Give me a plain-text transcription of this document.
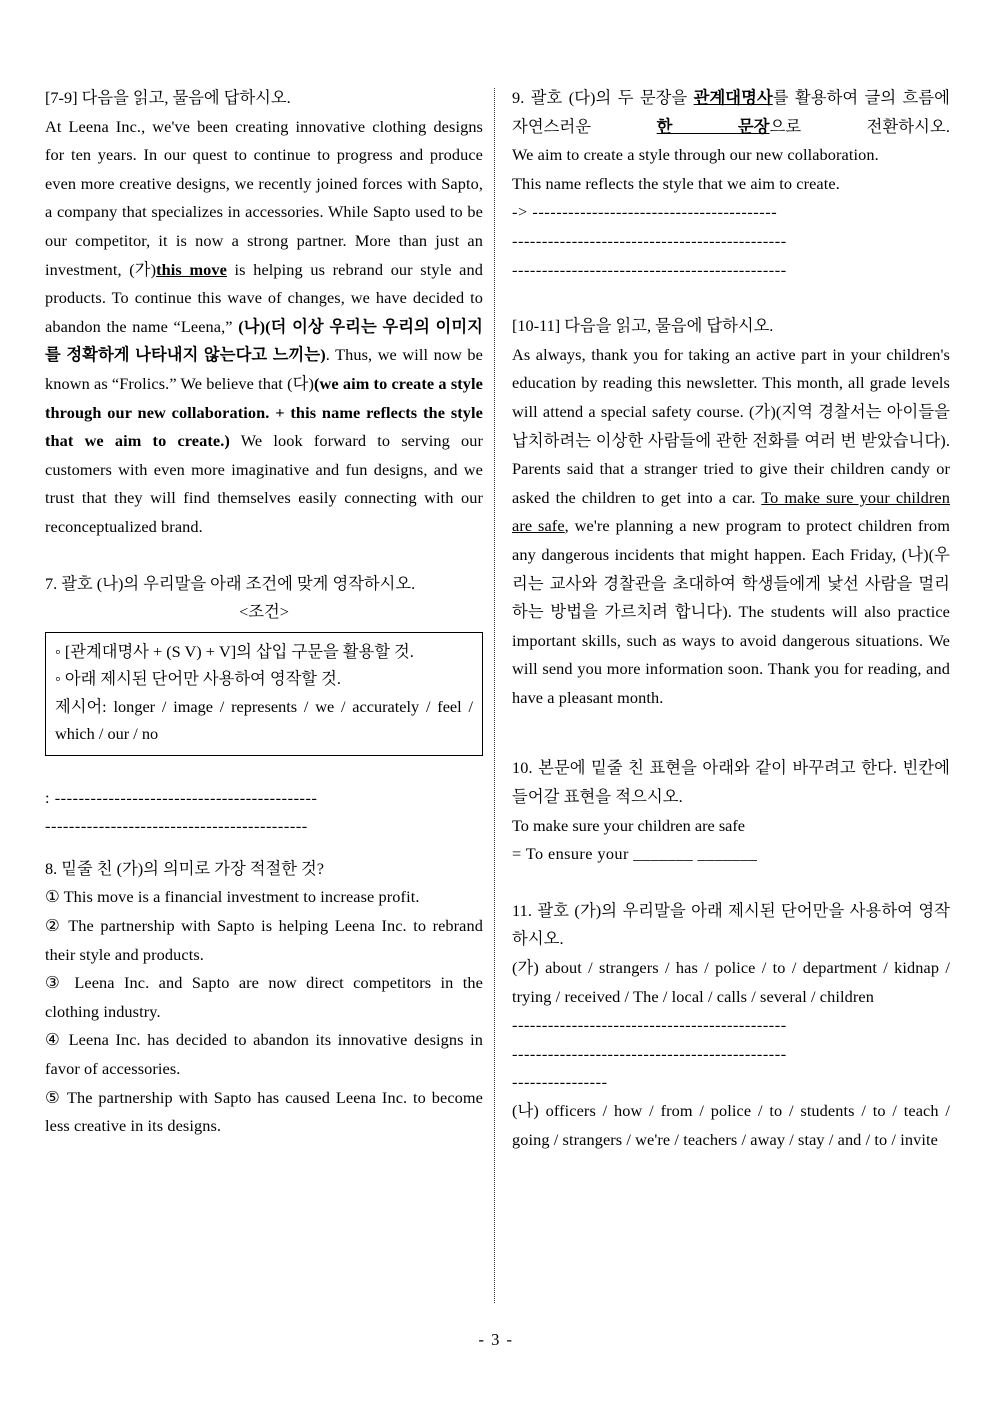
[7-9] 다음을 읽고, 물음에 답하시오.

At Leena Inc., we've been creating innovative clothing designs for ten years. In our quest to continue to progress and produce even more creative designs, we recently joined forces with Sapto, a company that specializes in accessories. While Sapto used to be our competitor, it is now a strong partner. More than just an investment, (가)this move is helping us rebrand our style and products. To continue this wave of changes, we have decided to abandon the name “Leena,” (나)(더 이상 우리는 우리의 이미지를 정확하게 나타내지 않는다고 느끼는). Thus, we will now be known as “Frolics.” We believe that (다)(we aim to create a style through our new collaboration. + this name reflects the style that we aim to create.) We look forward to serving our customers with even more imaginative and fun designs, and we trust that they will find themselves easily connecting with our reconceptualized brand.

7. 괄호 (나)의 우리말을 아래 조건에 맞게 영작하시오.

<조건>

◦ [관계대명사 + (S V) + V]의 삽입 구문을 활용할 것.

◦ 아래 제시된 단어만 사용하여 영작할 것.

제시어: longer / image / represents / we / accurately / feel / which / our / no

: --------------------------------------------

--------------------------------------------

8. 밑줄 친 (가)의 의미로 가장 적절한 것?

① This move is a financial investment to increase profit.

② The partnership with Sapto is helping Leena Inc. to rebrand their style and products.

③ Leena Inc. and Sapto are now direct competitors in the clothing industry.

④ Leena Inc. has decided to abandon its innovative designs in favor of accessories.

⑤ The partnership with Sapto has caused Leena Inc. to become less creative in its designs.

9. 괄호 (다)의 두 문장을 관계대명사를 활용하여 글의 흐름에 자연스러운 한 문장으로 전환하시오.

We aim to create a style through our new collaboration.

This name reflects the style that we aim to create.

-> -----------------------------------------

----------------------------------------------

----------------------------------------------

[10-11] 다음을 읽고, 물음에 답하시오.

As always, thank you for taking an active part in your children's education by reading this newsletter. This month, all grade levels will attend a special safety course. (가)(지역 경찰서는 아이들을 납치하려는 이상한 사람들에 관한 전화를 여러 번 받았습니다). Parents said that a stranger tried to give their children candy or asked the children to get into a car. To make sure your children are safe, we're planning a new program to protect children from any dangerous incidents that might happen. Each Friday, (나)(우리는 교사와 경찰관을 초대하여 학생들에게 낯선 사람을 멀리하는 방법을 가르치려 합니다). The students will also practice important skills, such as ways to avoid dangerous situations. We will send you more information soon. Thank you for reading, and have a pleasant month.

10. 본문에 밑줄 친 표현을 아래와 같이 바꾸려고 한다. 빈칸에 들어갈 표현을 적으시오.

To make sure your children are safe

= To ensure your _______ _______

11. 괄호 (가)의 우리말을 아래 제시된 단어만을 사용하여 영작하시오.

(가) about / strangers / has / police / to / department / kidnap / trying / received / The / local / calls / several / children

----------------------------------------------

----------------------------------------------

----------------

(나) officers / how / from / police / to / students / to / teach / going / strangers / we're / teachers / away / stay / and / to / invite

- 3 -
